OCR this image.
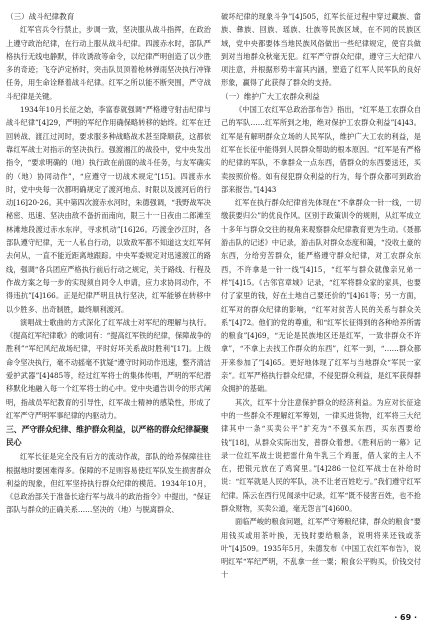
（三）战斗纪律教育

红军官兵令行禁止，步调一致，坚决服从战斗指挥，在政治上遵守政治纪律，在行动上服从战斗纪律。四渡赤水时，部队严格执行无线电静默，伴攻诱敌等命令，以纪律严明创造了以少胜多的奇迹；飞夺泸定桥时，突击队员顶着枪林弹雨坚决执行冲锋任务，用生命诠释着战斗纪律。红军之所以能不断突围，严守战斗纪律是关键。

1934年10月长征之始，李富春就强调“严格遵守射击纪律与战斗纪律”[4]29，严明的军纪作用确保略转移的始终。红军在迁回转战、渡江过河时，要求服多种战略战术甚至降顺获，这都依靠红军战士对指示的坚决执行。强渡湘江的战役中，党中央发出指令，“要求明确的（地）执行政在前面的战斗任务，与友军确实的（地）协同动作”，“应遵守一切战术规定”[15]。四渡赤水时，党中央每一次都明确规定了渡河地点、时限以及渡河后的行动[16]20-26。其中第四次渡赤水河时，朱德强调，“我野战军决秘密、迅速、坚决由敌不备折而南向，限三十一日夜由二郎滩至林滩地段渡过赤水东岸，寻求机动”[16]26。巧渡金沙江时，各部队遵守纪律，无一人私自行动，以致敌军都不知道这支红军何去何从，一直不能近距离地跟踪。中央军委规定对迅速渡江的路线，强调“各兵团应严格执行前后行动之规定，关于路线、行程及作战方案之每一步的实现须自同令人申请，应力求协同动作，不得违抗”[4]166。正是纪律严明且执行坚决，红军能够在转移中以少胜多、出奇制胜，最终顺利渡河。

演唱战士歌曲的方式深化了红军战士对军纪的理解与执行。《提高红军纪律歌》的歌词有：“提高红军铁的纪律，保障战争的胜利”“军纪风纪战场纪律，平时好坏关系战时胜利”[17]。上级命令坚决执行，毫不动摇毫不犹疑“遵守时间动作迅速，整齐清洁爱护武器”[4]485等，经过红军将士的集体传唱，严明的军纪潜移默化地融入每一个红军将士的心中。党中央通告训令的形式阐明，指战员军纪教育的引导性，红军战士精神的感染性，形成了红军严守严明军事纪律的内驱动力。

三、严守群众纪律、维护群众利益，以严格的群众纪律凝聚民心

红军长征是完全没有后方的流动作战，部队的给养保障往往根据地时要困难得多。保障的不足则容易使红军队发生损害群众利益的现象，但红军坚持执行群众纪律的模范。1934年10月，《总政治部关于准备长途行军与战斗的政治指令》中提出，“保证部队与群众的正确关系……坚决的（地）与脱离群众、

破坏纪律的现象斗争”[4]505，红军长征过程中穿过藏族、畲族、彝族、回族、瑶族、壮族等民族区域，在不同的民族区域，党中央都要体当地民族风俗做出一些纪律规定，使官兵做到对当地群众秋毫无犯。红军严守群众纪律，遵守三大纪律八项注意，并根据形势丰富其内涵，塑造了红军人民军队的良好形象，赢得了此获得了群众的支持。

（一）维护广大工农群众利益

《中国工农红军总政治部布告》指出，“红军是工农群众自己的军队……红军所到之地，绝对保护工农群众利益”[4]43。红军是有解明群众立场的人民军队，维护广大工农的利益，是红军在长征中能得到人民群众帮助的根本原因。“红军是有严格的纪律的军队，不拿群众一点东西，借群众的东西要送还，买卖按照价格。如有侵犯群众利益的行为，每个群众都可到政治部来报告。”[4]43

红军在执行群众纪律首先体现在“不拿群众一针一线，一切缴获要归公”的优良作风。区别于政策训令的规则，从红军成立十多年与群众交往的视角来观察群众纪律教育更为生动。《聂都游击队的记述》中记录，游击队对群众态度和蔼，“没收土豪的东西，分给穷苦群众，能严格遵守群众纪律，对工农群众东西，不许拿是一针一线”[4]15，“红军与群众就像亲兄弟一样”[4]15。《古邻官章城》记录，“红军将群众家的家具，也要付了家里的钱，好在土地自己要还价的”[4]61等；另一方面，红军对的群众纪律的影响，“红军对贫苦人民的关系与群众关系”[4]72。他们的党的尊重，和“红军长征得到的各种给养所需的粮食”[4]69，“无论是民族地区还是红军，一致非群众不许拿”，“不拿上去找工作群众的东西”，红军一到，“……群众都开来参加了”[4]65。更好地体现了红军与当地群众“军民一家亲”。红军严格执行群众纪律，不侵犯群众利益，是红军获得群众拥护的基础。

其次，红军十分注意保护群众的经济利益。为应对长征途中的一些群众不理解红军筹划，一律买进货物，红军将三大纪律其中一条“买卖公平”扩充为“不强买东西，买东西要给钱”[18]，从群众实际出发，普群众着想。《胜利后的一幕》记录一位红军战士说把雷什角牛乳三个鸡蛋，借人家的主人不在，把银元放在了鸡窝里。”[4]286一位红军战士在补给时说：“红军就是人民的军队，决不让老百姓吃亏。”我们遵守红军纪律。陈云在西行见闻录中记录，红军“既不侵害百姓，也不抢群众财物，买卖公道，毫无怨言”[4]600。

面临严峻的粮食问题，红军严守筹粮纪律，群众的粮食“要用钱买或用茶叶换，无钱时要给粮条，说明将来还钱或茶叶”[4]509。1935年5月，朱德发布《中国工农红军布告》，说明红军“军纪严明，不乱拿一丝一粟；粮食公平购买，价钱交付十

· 69 ·
